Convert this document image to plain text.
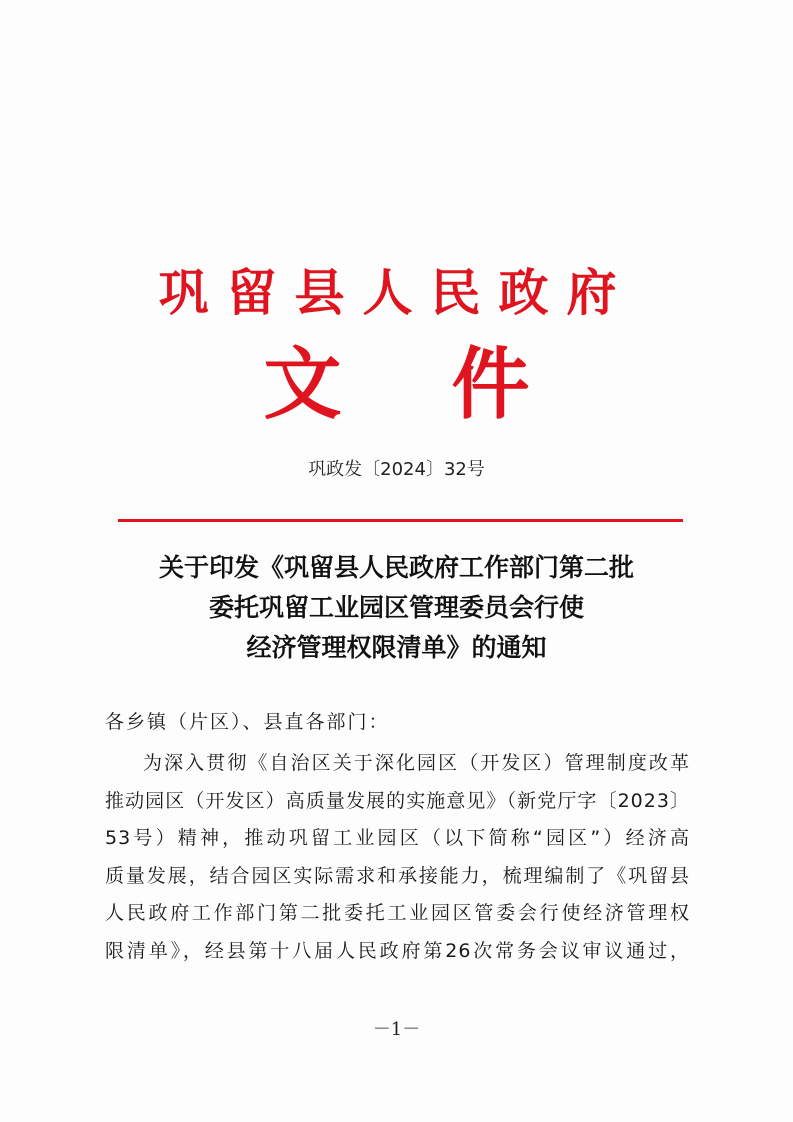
巩留县人民政府
文件
巩政发〔2024〕32号
关于印发《巩留县人民政府工作部门第二批
委托巩留工业园区管理委员会行使
经济管理权限清单》的通知
各乡镇（片区）、县直各部门：
为深入贯彻《自治区关于深化园区（开发区）管理制度改革
推动园区（开发区）高质量发展的实施意见》（新党厅字〔2023〕
53号）精神，推动巩留工业园区（以下简称“园区”）经济高
质量发展，结合园区实际需求和承接能力，梳理编制了《巩留县
人民政府工作部门第二批委托工业园区管委会行使经济管理权
限清单》，经县第十八届人民政府第26次常务会议审议通过，
－1－
